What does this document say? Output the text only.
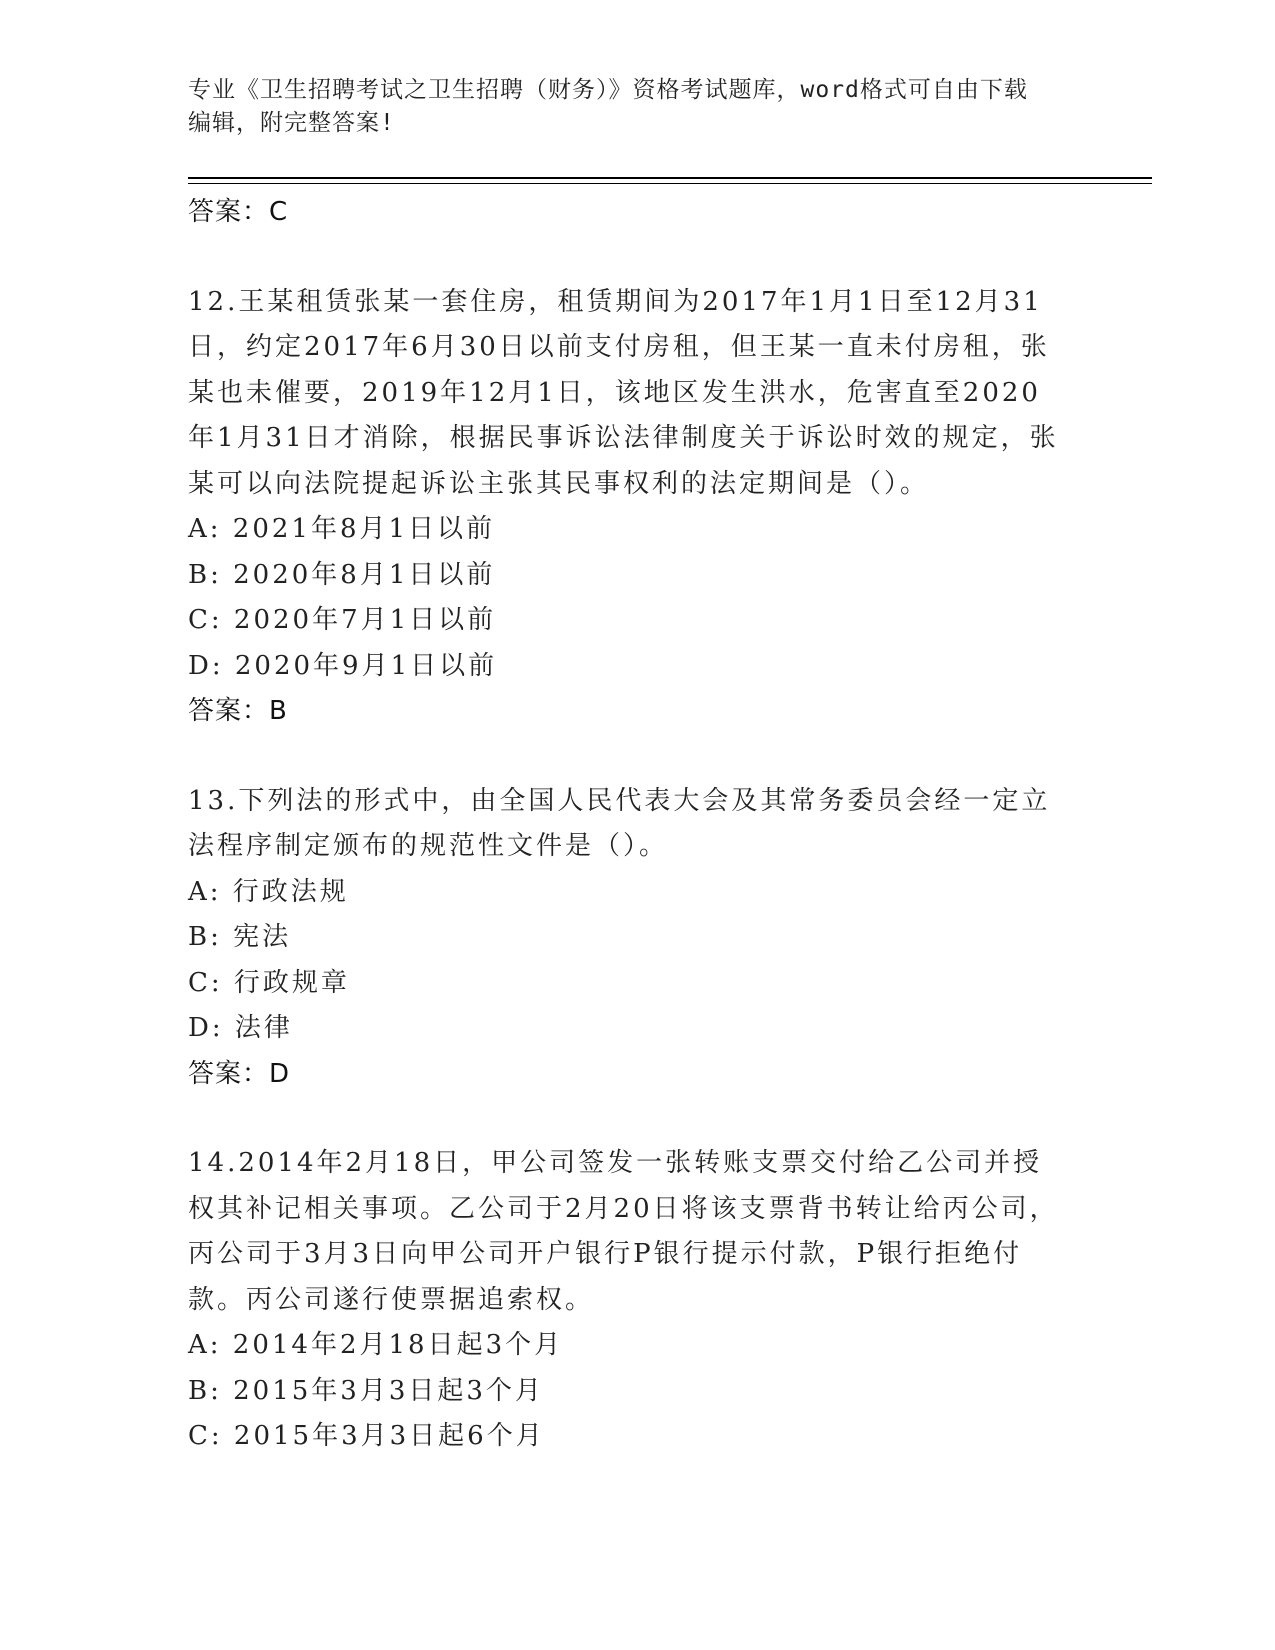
专业《卫生招聘考试之卫生招聘（财务）》资格考试题库，word格式可自由下载
编辑，附完整答案!
答案：C
12.王某租赁张某一套住房，租赁期间为2017年1月1日至12月31日，约定2017年6月30日以前支付房租，但王某一直未付房租，张某也未催要，2019年12月1日，该地区发生洪水，危害直至2020年1月31日才消除，根据民事诉讼法律制度关于诉讼时效的规定，张某可以向法院提起诉讼主张其民事权利的法定期间是（）。
A: 2021年8月1日以前
B: 2020年8月1日以前
C: 2020年7月1日以前
D: 2020年9月1日以前
答案：B
13.下列法的形式中，由全国人民代表大会及其常务委员会经一定立法程序制定颁布的规范性文件是（）。
A: 行政法规
B: 宪法
C: 行政规章
D: 法律
答案：D
14.2014年2月18日，甲公司签发一张转账支票交付给乙公司并授权其补记相关事项。乙公司于2月20日将该支票背书转让给丙公司，丙公司于3月3日向甲公司开户银行P银行提示付款，P银行拒绝付款。丙公司遂行使票据追索权。
A: 2014年2月18日起3个月
B: 2015年3月3日起3个月
C: 2015年3月3日起6个月
